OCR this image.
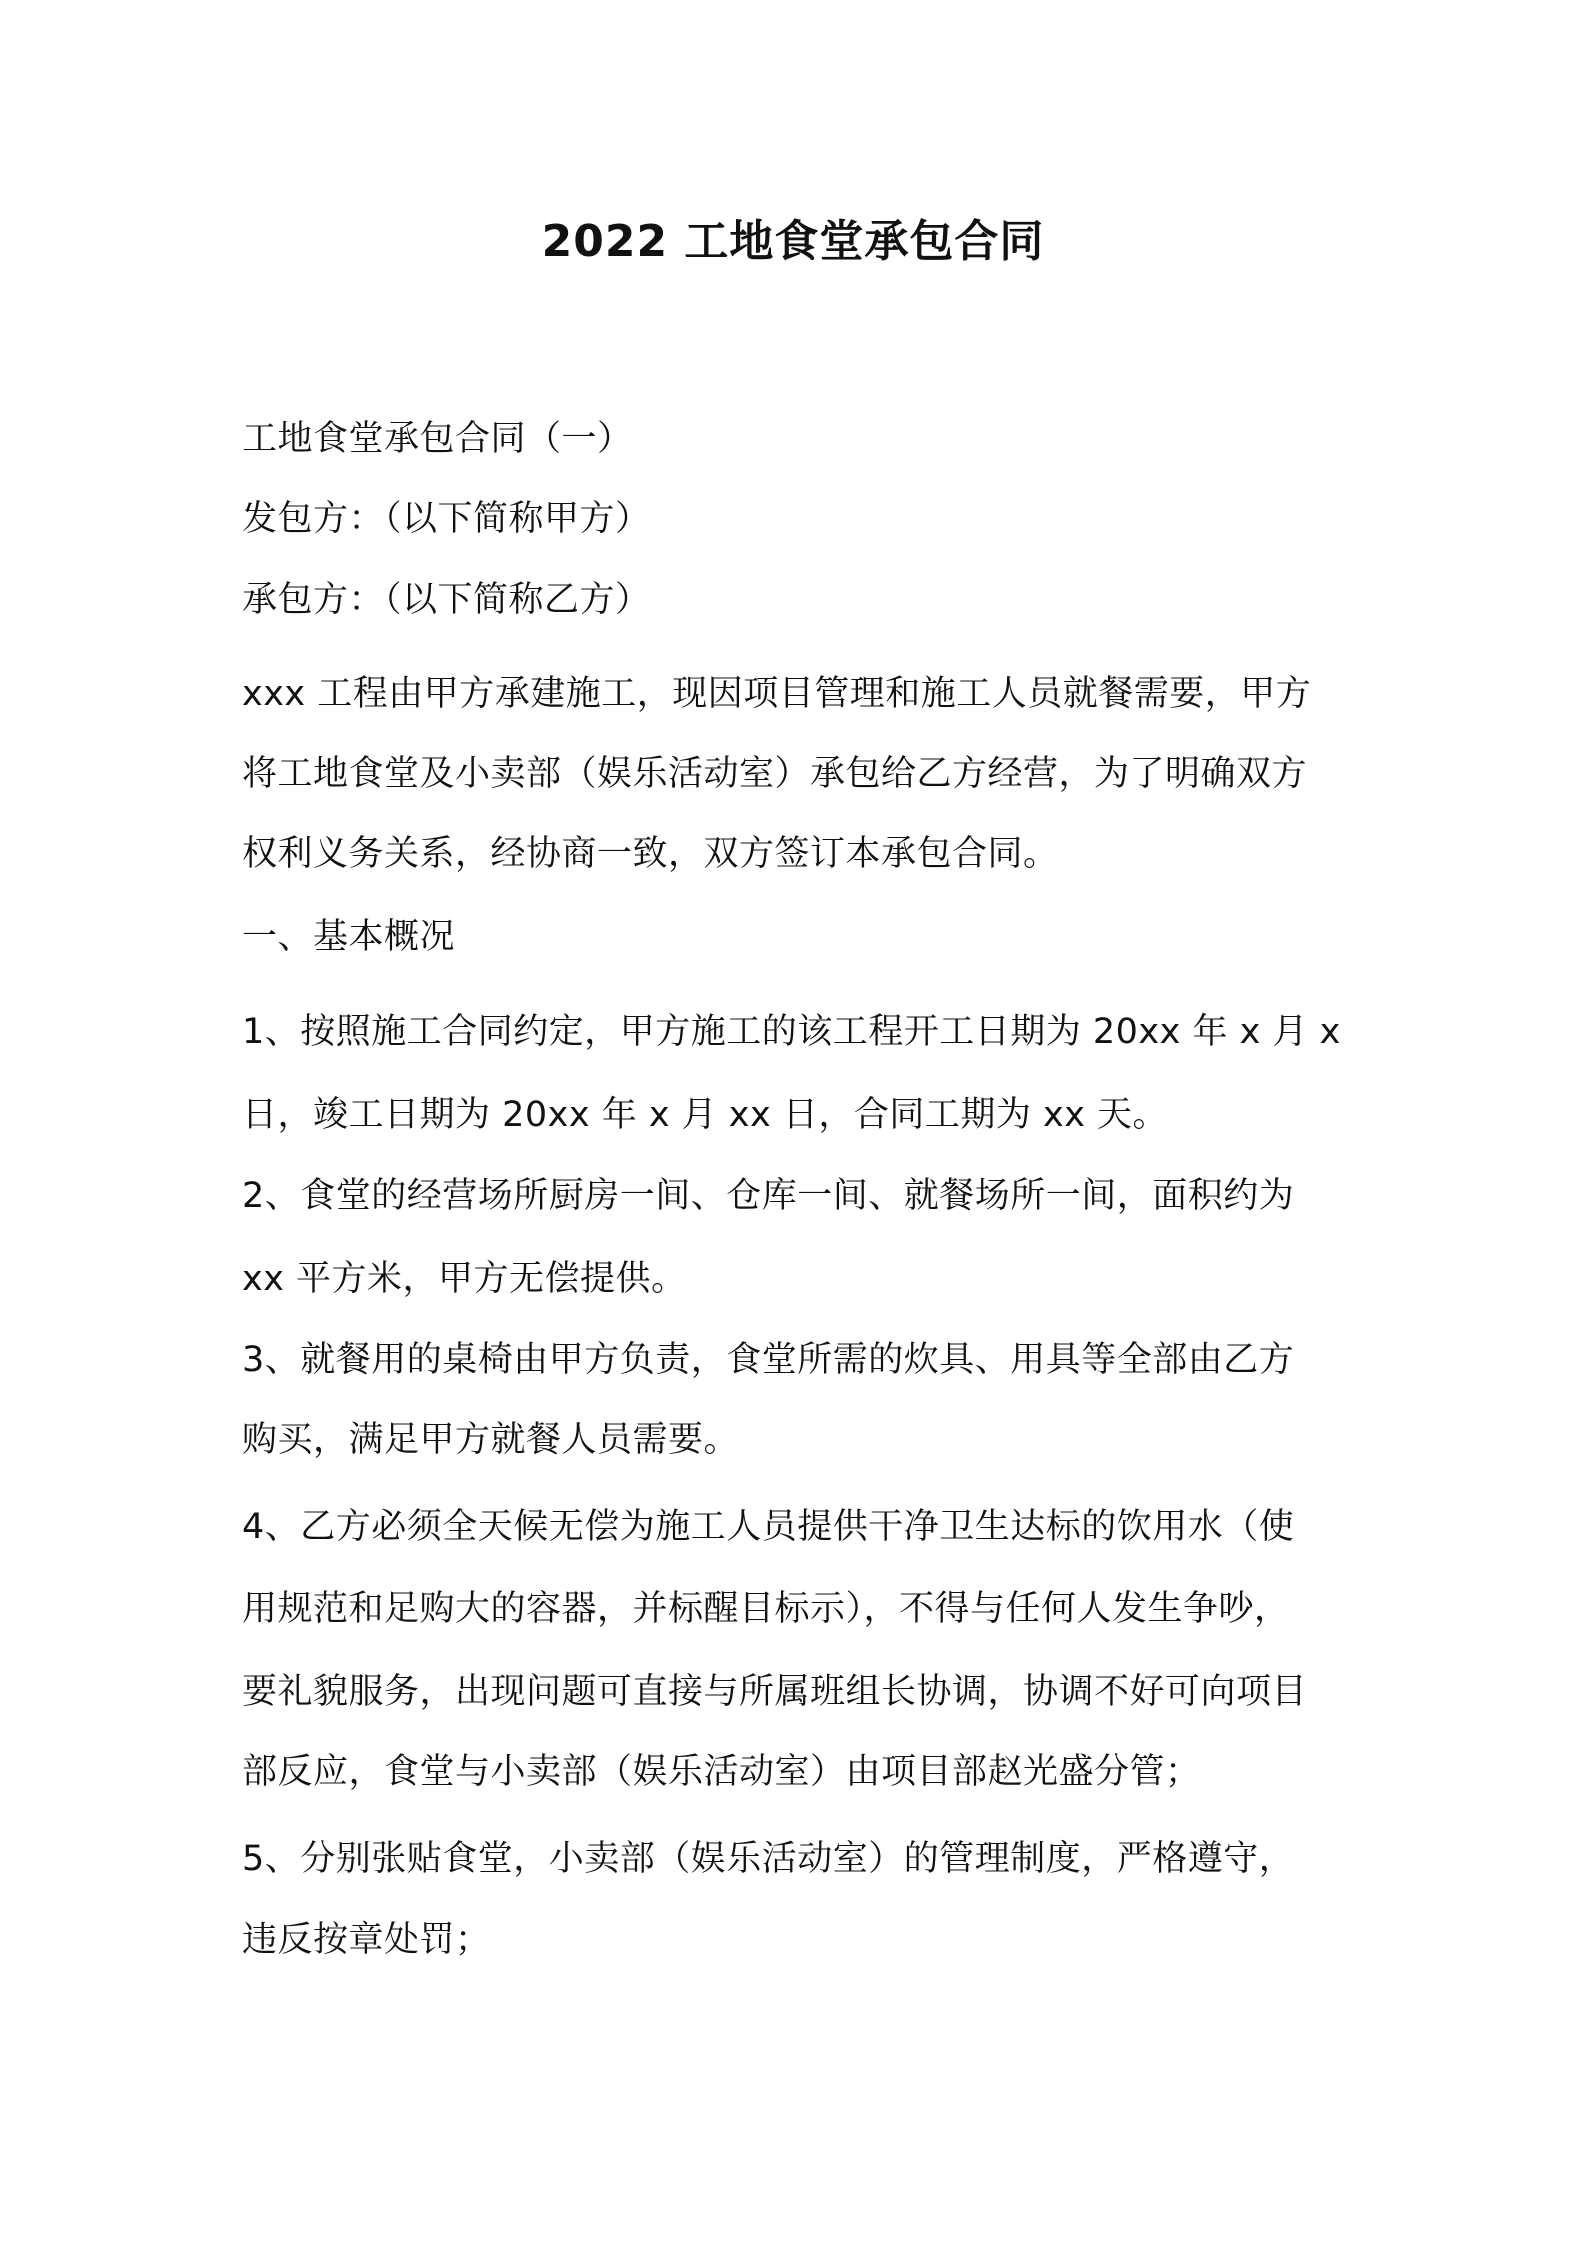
2022 工地食堂承包合同
工地食堂承包合同（一）
发包方：（以下简称甲方）
承包方：（以下简称乙方）
xxx 工程由甲方承建施工，现因项目管理和施工人员就餐需要，甲方
将工地食堂及小卖部（娱乐活动室）承包给乙方经营，为了明确双方
权利义务关系，经协商一致，双方签订本承包合同。
一、基本概况
1、按照施工合同约定，甲方施工的该工程开工日期为 20xx 年 x 月 x
日，竣工日期为 20xx 年 x 月 xx 日，合同工期为 xx 天。
2、食堂的经营场所厨房一间、仓库一间、就餐场所一间，面积约为
xx 平方米，甲方无偿提供。
3、就餐用的桌椅由甲方负责，食堂所需的炊具、用具等全部由乙方
购买，满足甲方就餐人员需要。
4、乙方必须全天候无偿为施工人员提供干净卫生达标的饮用水（使
用规范和足购大的容器，并标醒目标示），不得与任何人发生争吵，
要礼貌服务，出现问题可直接与所属班组长协调，协调不好可向项目
部反应，食堂与小卖部（娱乐活动室）由项目部赵光盛分管；
5、分别张贴食堂，小卖部（娱乐活动室）的管理制度，严格遵守，
违反按章处罚；
